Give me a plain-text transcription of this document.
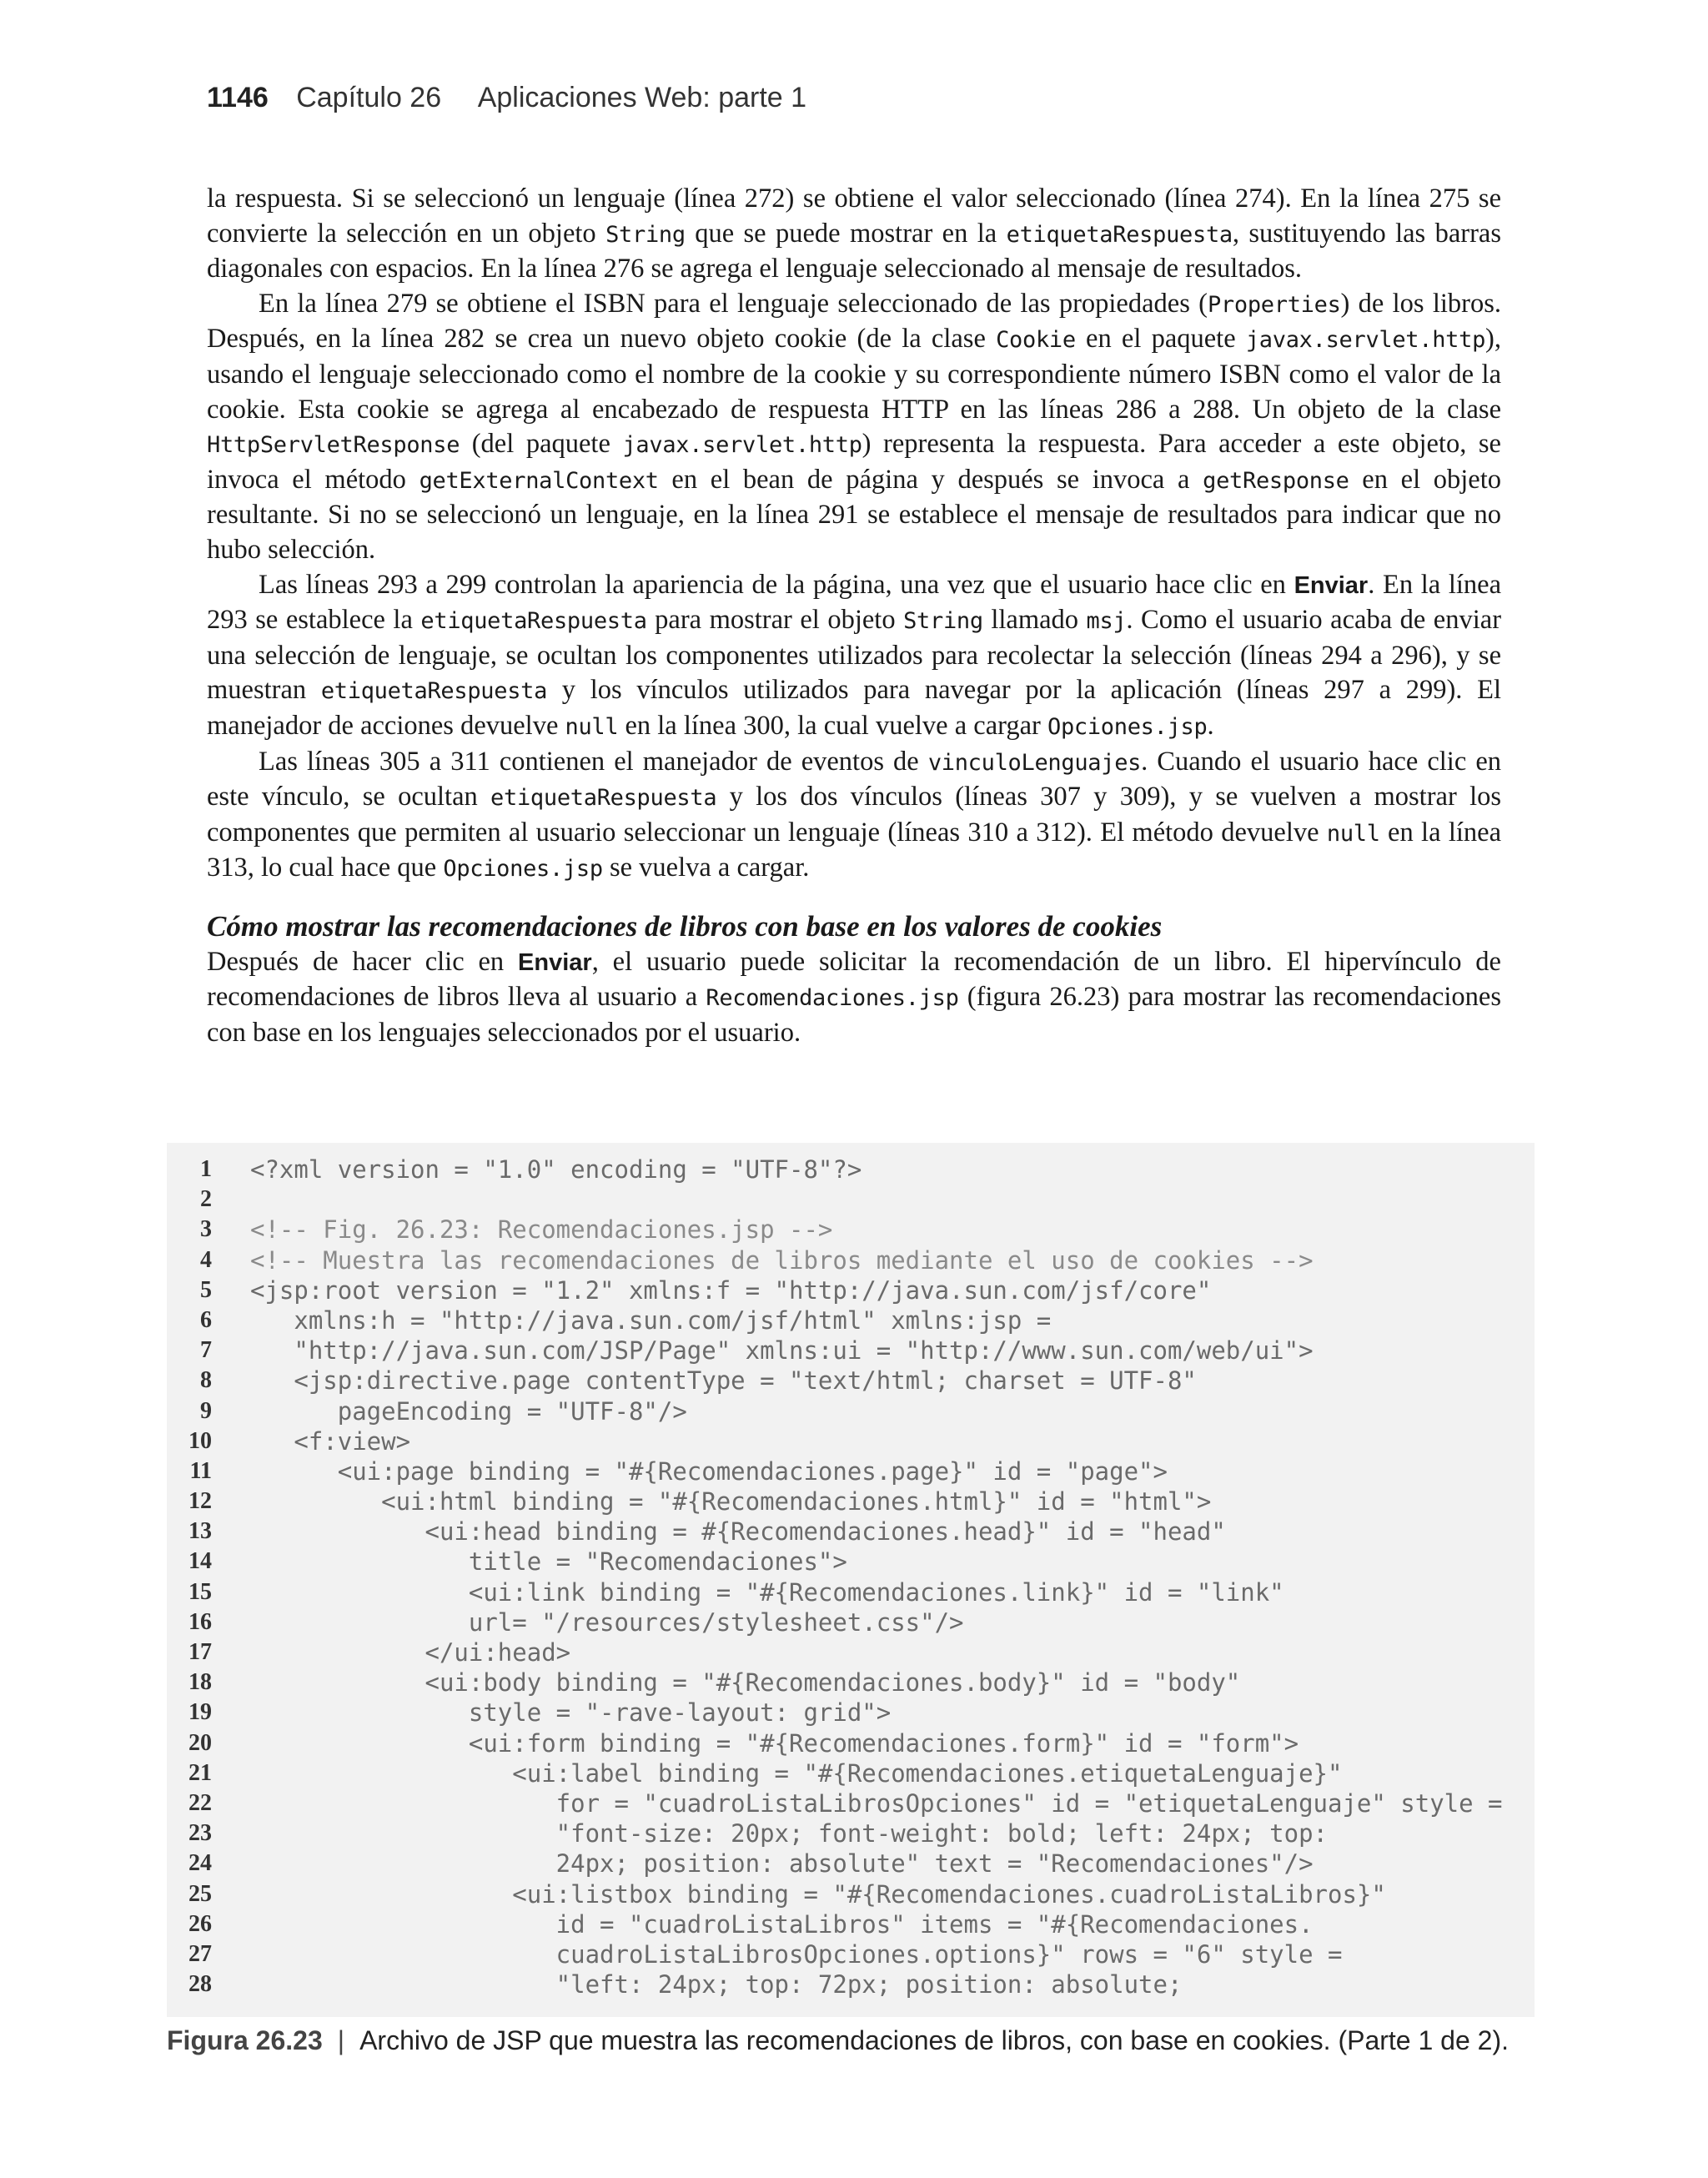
1146 Capítulo 26 Aplicaciones Web: parte 1

la respuesta. Si se seleccionó un lenguaje (línea 272) se obtiene el valor seleccionado (línea 274). En la línea 275 se convierte la selección en un objeto String que se puede mostrar en la etiquetaRespuesta, sustituyendo las barras diagonales con espacios. En la línea 276 se agrega el lenguaje seleccionado al mensaje de resultados.

En la línea 279 se obtiene el ISBN para el lenguaje seleccionado de las propiedades (Properties) de los libros. Después, en la línea 282 se crea un nuevo objeto cookie (de la clase Cookie en el paquete javax.servlet.http), usando el lenguaje seleccionado como el nombre de la cookie y su correspondiente número ISBN como el valor de la cookie. Esta cookie se agrega al encabezado de respuesta HTTP en las líneas 286 a 288. Un objeto de la clase HttpServletResponse (del paquete javax.servlet.http) representa la respuesta. Para acceder a este objeto, se invoca el método getExternalContext en el bean de página y después se invoca a getResponse en el objeto resultante. Si no se seleccionó un lenguaje, en la línea 291 se establece el mensaje de resultados para indicar que no hubo selección.

Las líneas 293 a 299 controlan la apariencia de la página, una vez que el usuario hace clic en Enviar. En la línea 293 se establece la etiquetaRespuesta para mostrar el objeto String llamado msj. Como el usuario acaba de enviar una selección de lenguaje, se ocultan los componentes utilizados para recolectar la selección (líneas 294 a 296), y se muestran etiquetaRespuesta y los vínculos utilizados para navegar por la aplicación (líneas 297 a 299). El manejador de acciones devuelve null en la línea 300, la cual vuelve a cargar Opciones.jsp.

Las líneas 305 a 311 contienen el manejador de eventos de vinculoLenguajes. Cuando el usuario hace clic en este vínculo, se ocultan etiquetaRespuesta y los dos vínculos (líneas 307 y 309), y se vuelven a mostrar los componentes que permiten al usuario seleccionar un lenguaje (líneas 310 a 312). El método devuelve null en la línea 313, lo cual hace que Opciones.jsp se vuelva a cargar.

Cómo mostrar las recomendaciones de libros con base en los valores de cookies

Después de hacer clic en Enviar, el usuario puede solicitar la recomendación de un libro. El hipervínculo de recomendaciones de libros lleva al usuario a Recomendaciones.jsp (figura 26.23) para mostrar las recomendaciones con base en los lenguajes seleccionados por el usuario.

1 <?xml version = "1.0" encoding = "UTF-8"?>
2
3 <!-- Fig. 26.23: Recomendaciones.jsp -->
4 <!-- Muestra las recomendaciones de libros mediante el uso de cookies -->
5 <jsp:root version = "1.2" xmlns:f = "http://java.sun.com/jsf/core"
6 xmlns:h = "http://java.sun.com/jsf/html" xmlns:jsp =
7 "http://java.sun.com/JSP/Page" xmlns:ui = "http://www.sun.com/web/ui">
8 <jsp:directive.page contentType = "text/html; charset = UTF-8"
9 pageEncoding = "UTF-8"/>
10 <f:view>
11 <ui:page binding = "#{Recomendaciones.page}" id = "page">
12 <ui:html binding = "#{Recomendaciones.html}" id = "html">
13 <ui:head binding = #{Recomendaciones.head}" id = "head"
14 title = "Recomendaciones">
15 <ui:link binding = "#{Recomendaciones.link}" id = "link"
16 url= "/resources/stylesheet.css"/>
17 </ui:head>
18 <ui:body binding = "#{Recomendaciones.body}" id = "body"
19 style = "-rave-layout: grid">
20 <ui:form binding = "#{Recomendaciones.form}" id = "form">
21 <ui:label binding = "#{Recomendaciones.etiquetaLenguaje}"
22 for = "cuadroListaLibrosOpciones" id = "etiquetaLenguaje" style =
23 "font-size: 20px; font-weight: bold; left: 24px; top:
24 24px; position: absolute" text = "Recomendaciones"/>
25 <ui:listbox binding = "#{Recomendaciones.cuadroListaLibros}"
26 id = "cuadroListaLibros" items = "#{Recomendaciones.
27 cuadroListaLibrosOpciones.options}" rows = "6" style =
28 "left: 24px; top: 72px; position: absolute;
Figura 26.23 | Archivo de JSP que muestra las recomendaciones de libros, con base en cookies. (Parte 1 de 2).
